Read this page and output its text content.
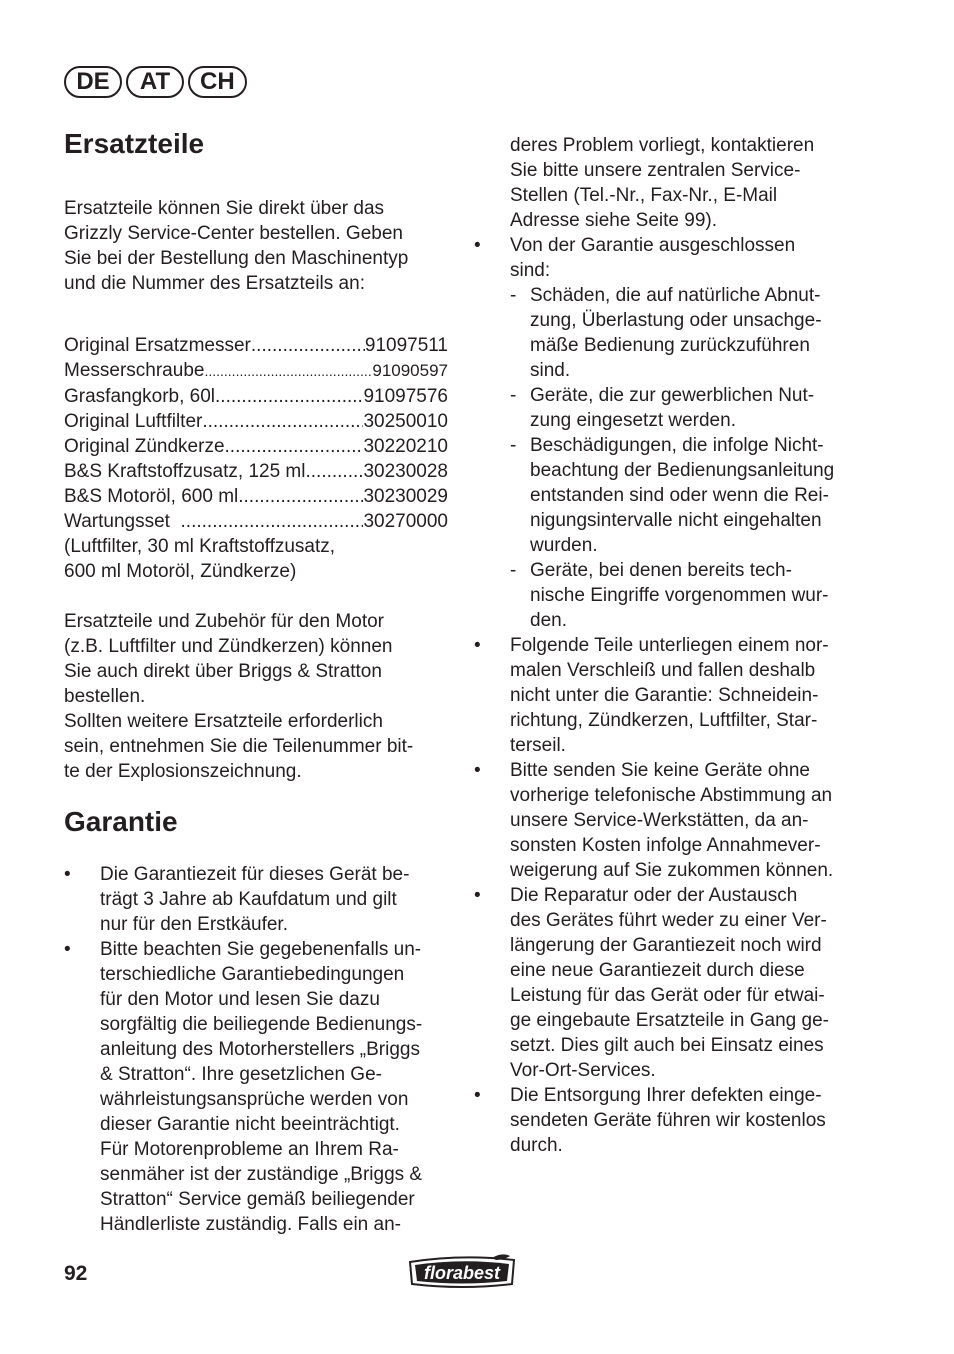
DE	AT	CH
Ersatzteile

Ersatzteile können Sie direkt über das

Grizzly Service-Center bestellen. Geben

Sie bei der Bestellung den Maschinentyp

und die Nummer des Ersatzteils an:

Original Ersatzmesser .....	91097511
Messerschraube .....	91090597
Grasfangkorb, 60l .....	91097576
Original Luftfilter .....	30250010
Original Zündkerze .....	30220210
B&S Kraftstoffzusatz, 125 ml .....	30230028
B&S Motoröl, 600 ml .....	30230029
Wartungsset .....	30270000

(Luftfilter, 30 ml Kraftstoffzusatz,

600 ml Motoröl, Zündkerze)

Ersatzteile und Zubehör für den Motor

(z.B. Luftfilter und Zündkerzen) können

Sie auch direkt über Briggs & Stratton

bestellen.

Sollten weitere Ersatzteile erforderlich

sein, entnehmen Sie die Teilenummer bit-

te der Explosionszeichnung.

Garantie
• Die Garantiezeit für dieses Gerät be-

trägt 3 Jahre ab Kaufdatum und gilt

nur für den Erstkäufer.

• Bitte beachten Sie gegebenenfalls un-

terschiedliche Garantiebedingungen

für den Motor und lesen Sie dazu

sorgfältig die beiliegende Bedienungs-

anleitung des Motorherstellers „Briggs

& Stratton“. Ihre gesetzlichen Ge-

währleistungsansprüche werden von

dieser Garantie nicht beeinträchtigt.

Für Motorenprobleme an Ihrem Ra-

senmäher ist der zuständige „Briggs &

Stratton“ Service gemäß beiliegender

Händlerliste zuständig. Falls ein an-

deres Problem vorliegt, kontaktieren

Sie bitte unsere zentralen Service-

Stellen (Tel.-Nr., Fax-Nr., E-Mail

Adresse siehe Seite 99).

• Von der Garantie ausgeschlossen

sind:

- Schäden, die auf natürliche Abnut-

zung, Überlastung oder unsachge-

mäße Bedienung zurückzuführen

sind.

- Geräte, die zur gewerblichen Nut-

zung eingesetzt werden.

- Beschädigungen, die infolge Nicht-

beachtung der Bedienungsanleitung

entstanden sind oder wenn die Rei-

nigungsintervalle nicht eingehalten

wurden.

- Geräte, bei denen bereits tech-

nische Eingriffe vorgenommen wur-

den.

• Folgende Teile unterliegen einem nor-

malen Verschleiß und fallen deshalb

nicht unter die Garantie: Schneidein-

richtung, Zündkerzen, Luftfilter, Star-

terseil.

• Bitte senden Sie keine Geräte ohne

vorherige telefonische Abstimmung an

unsere Service-Werkstätten, da an-

sonsten Kosten infolge Annahmever-

weigerung auf Sie zukommen können.

• Die Reparatur oder der Austausch

des Gerätes führt weder zu einer Ver-

längerung der Garantiezeit noch wird

eine neue Garantiezeit durch diese

Leistung für das Gerät oder für etwai-

ge eingebaute Ersatzteile in Gang ge-

setzt. Dies gilt auch bei Einsatz eines

Vor-Ort-Services.

• Die Entsorgung Ihrer defekten einge-

sendeten Geräte führen wir kostenlos

durch.

92	florabest
